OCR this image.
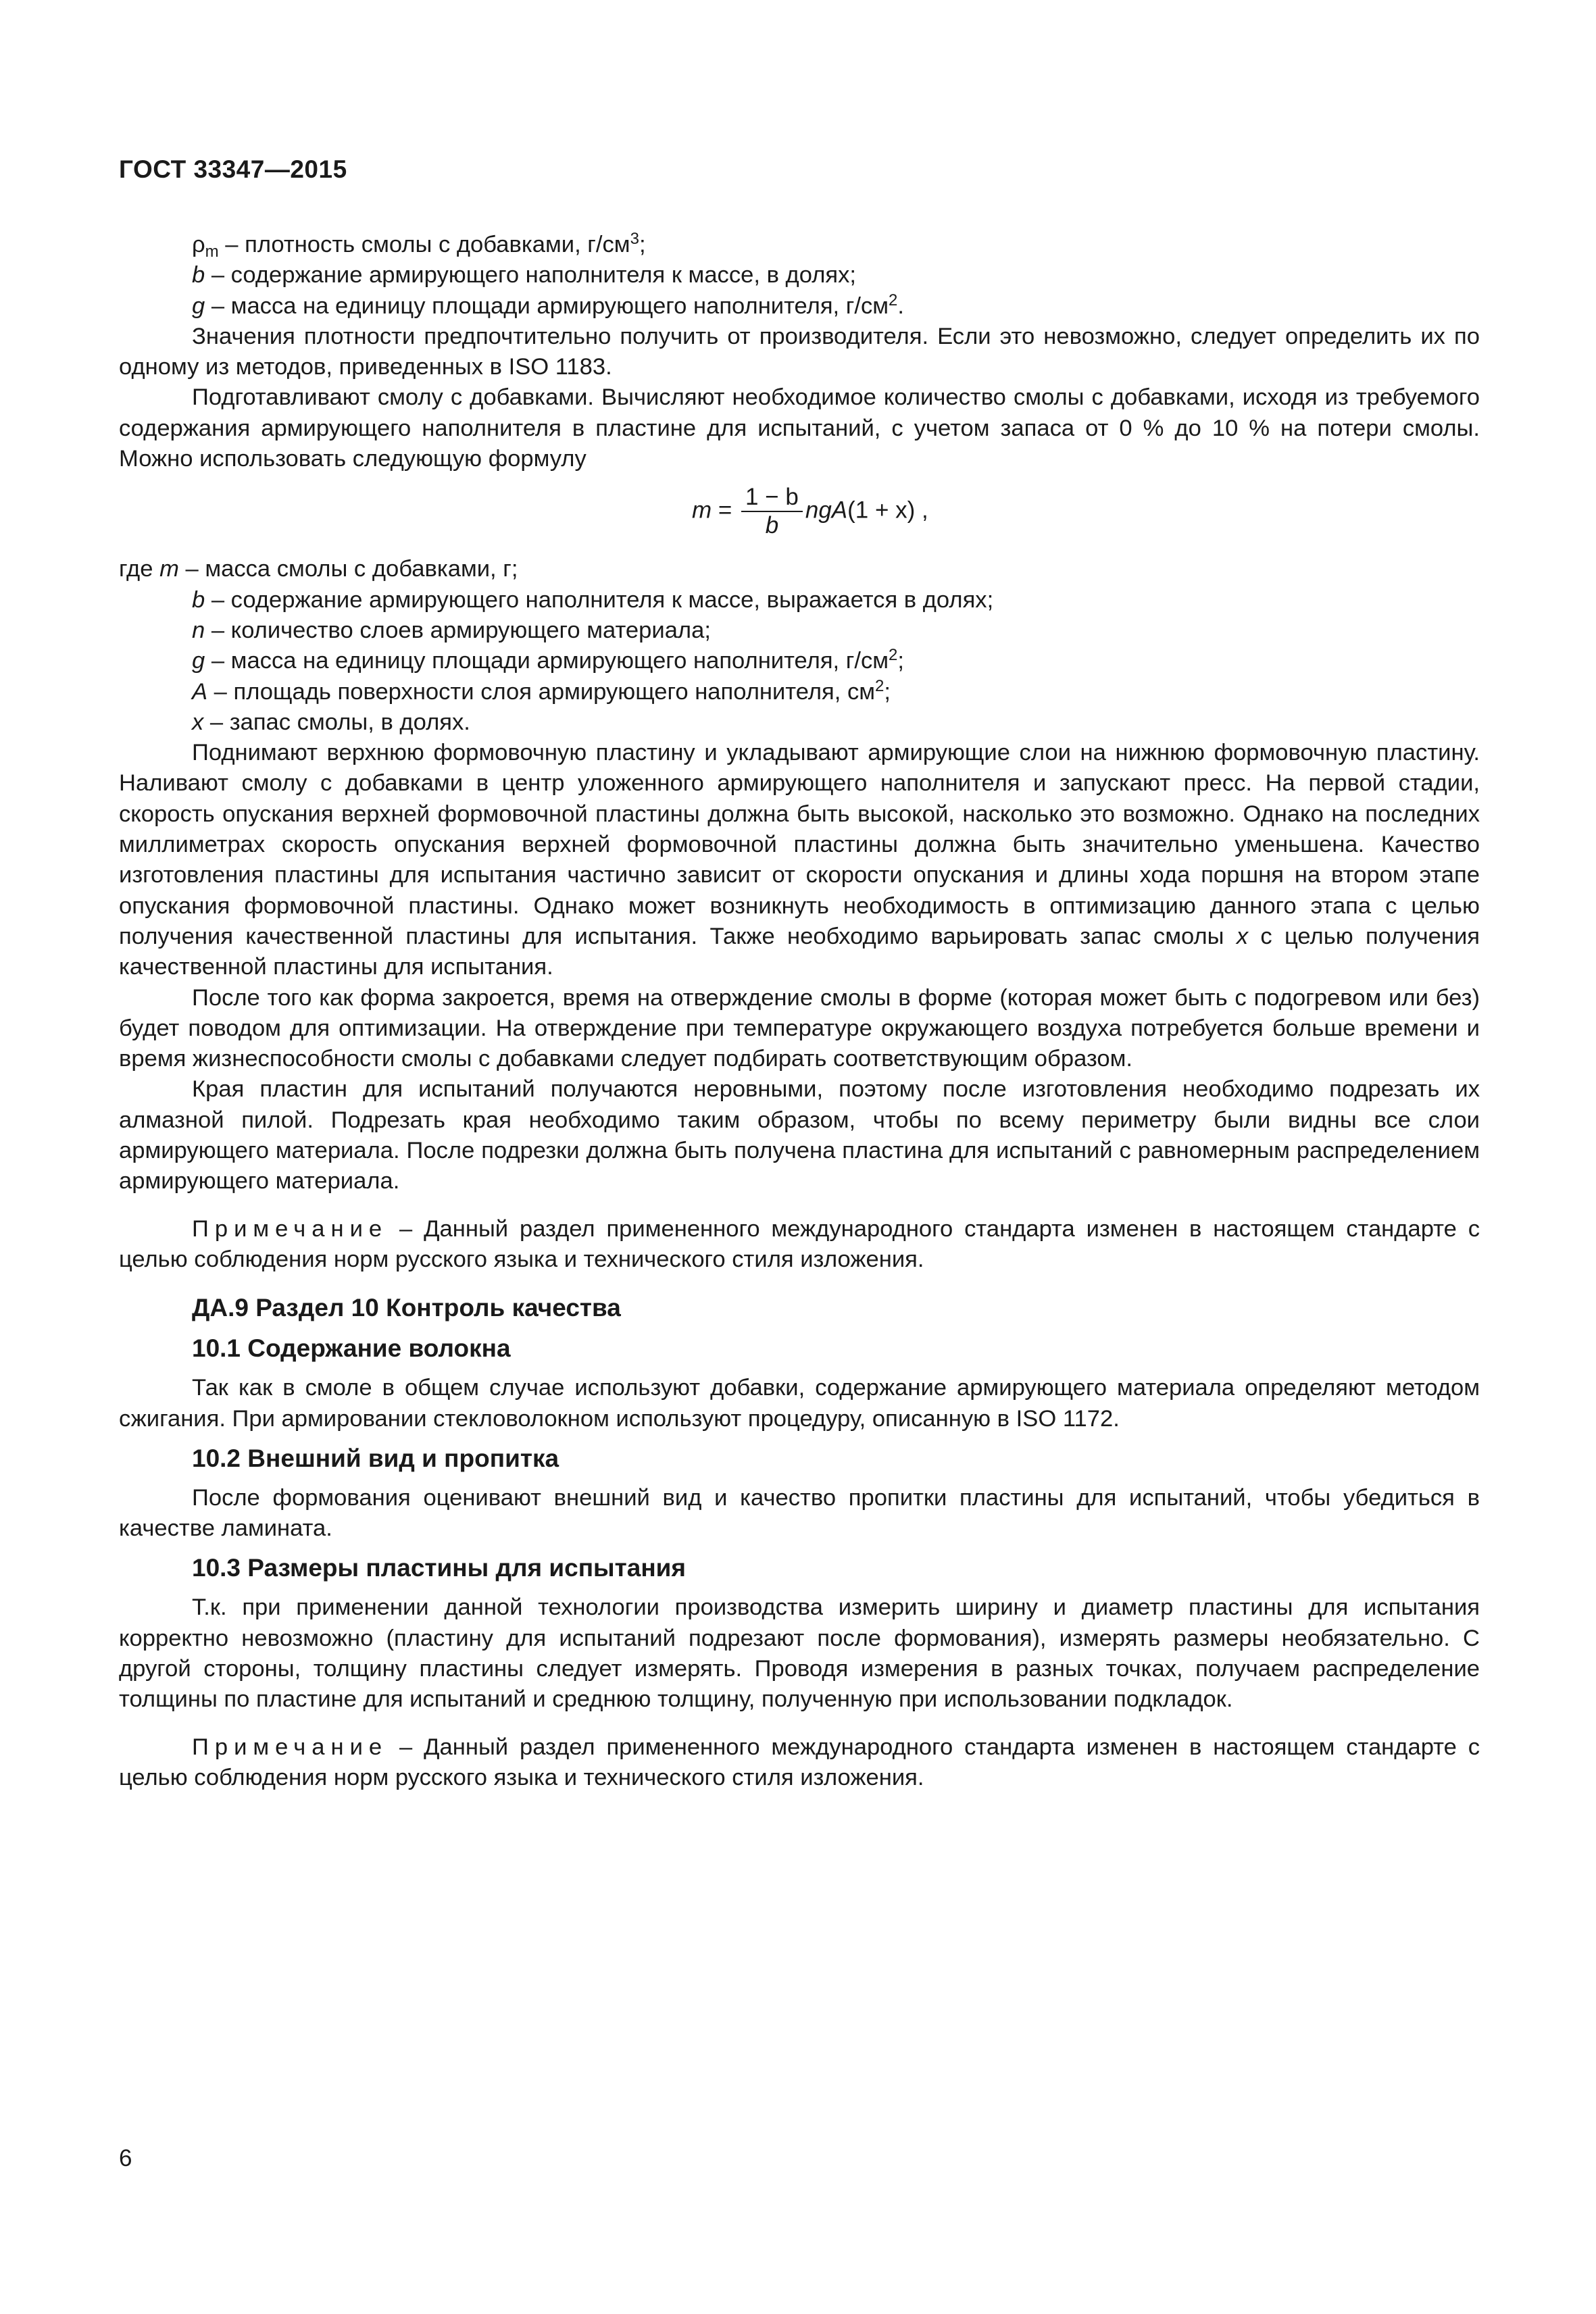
ГОСТ 33347—2015

$\rho_m$ – плотность смолы с добавками, $г/см^3$;

b – содержание армирующего наполнителя к массе, в долях;

g – масса на единицу площади армирующего наполнителя, $г/см^2$.

Значения плотности предпочтительно получить от производителя. Если это невозможно, следует определить их по одному из методов, приведенных в ISO 1183.

Подготавливают смолу с добавками. Вычисляют необходимое количество смолы с добавками, исходя из требуемого содержания армирующего наполнителя в пластине для испытаний, с учетом запаса от 0 % до 10 % на потери смолы. Можно использовать следующую формулу

$m = \frac{1 - b}{b} ngA(1 + x)$ ,

где m – масса смолы с добавками, г;

b – содержание армирующего наполнителя к массе, выражается в долях;

n – количество слоев армирующего материала;

g – масса на единицу площади армирующего наполнителя, $г/см^2$;

A – площадь поверхности слоя армирующего наполнителя, $см^2$;

x – запас смолы, в долях.

Поднимают верхнюю формовочную пластину и укладывают армирующие слои на нижнюю формовочную пластину. Наливают смолу с добавками в центр уложенного армирующего наполнителя и запускают пресс. На первой стадии, скорость опускания верхней формовочной пластины должна быть высокой, насколько это возможно. Однако на последних миллиметрах скорость опускания верхней формовочной пластины должна быть значительно уменьшена. Качество изготовления пластины для испытания частично зависит от скорости опускания и длины хода поршня на втором этапе опускания формовочной пластины. Однако может возникнуть необходимость в оптимизацию данного этапа с целью получения качественной пластины для испытания. Также необходимо варьировать запас смолы x с целью получения качественной пластины для испытания.

После того как форма закроется, время на отверждение смолы в форме (которая может быть с подогревом или без) будет поводом для оптимизации. На отверждение при температуре окружающего воздуха потребуется больше времени и время жизнеспособности смолы с добавками следует подбирать соответствующим образом.

Края пластин для испытаний получаются неровными, поэтому после изготовления необходимо подрезать их алмазной пилой. Подрезать края необходимо таким образом, чтобы по всему периметру были видны все слои армирующего материала. После подрезки должна быть получена пластина для испытаний с равномерным распределением армирующего материала.

Примечание – Данный раздел примененного международного стандарта изменен в настоящем стандарте с целью соблюдения норм русского языка и технического стиля изложения.

ДА.9 Раздел 10 Контроль качества

10.1 Содержание волокна

Так как в смоле в общем случае используют добавки, содержание армирующего материала определяют методом сжигания. При армировании стекловолокном используют процедуру, описанную в ISO 1172.

10.2 Внешний вид и пропитка

После формования оценивают внешний вид и качество пропитки пластины для испытаний, чтобы убедиться в качестве ламината.

10.3 Размеры пластины для испытания

Т.к. при применении данной технологии производства измерить ширину и диаметр пластины для испытания корректно невозможно (пластину для испытаний подрезают после формования), измерять размеры необязательно. С другой стороны, толщину пластины следует измерять. Проводя измерения в разных точках, получаем распределение толщины по пластине для испытаний и среднюю толщину, полученную при использовании подкладок.

Примечание – Данный раздел примененного международного стандарта изменен в настоящем стандарте с целью соблюдения норм русского языка и технического стиля изложения.

6
